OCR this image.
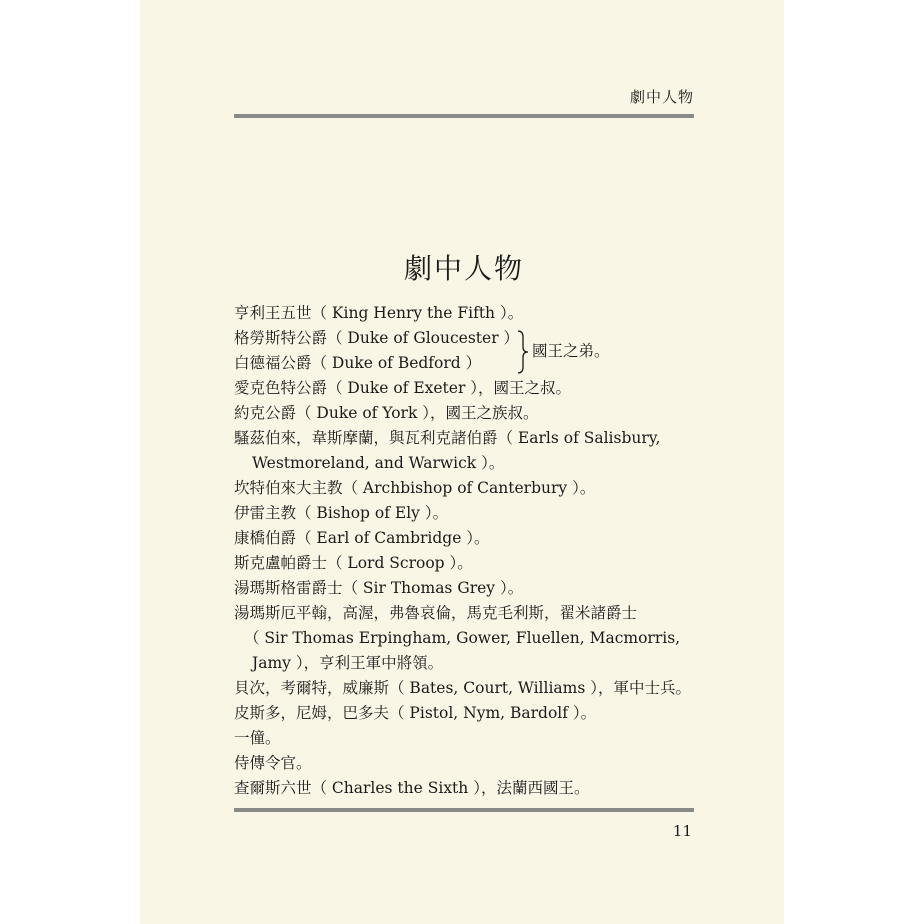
劇中人物
劇中人物
亨利王五世（ King Henry the Fifth ）。
格勞斯特公爵（ Duke of Gloucester ）
白德福公爵（ Duke of Bedford ）
愛克色特公爵（ Duke of Exeter ），國王之叔。
約克公爵（ Duke of York ），國王之族叔。
騷茲伯來，韋斯摩蘭，與瓦利克諸伯爵（ Earls of Salisbury,
Westmoreland, and Warwick ）。
坎特伯來大主教（ Archbishop of Canterbury ）。
伊雷主教（ Bishop of Ely ）。
康橋伯爵（ Earl of Cambridge ）。
斯克盧帕爵士（ Lord Scroop ）。
湯瑪斯格雷爵士（ Sir Thomas Grey ）。
湯瑪斯厄平翰，高渥，弗魯哀倫，馬克毛利斯，翟米諸爵士
（ Sir Thomas Erpingham, Gower, Fluellen, Macmorris,
Jamy ），亨利王軍中將領。
貝次，考爾特，威廉斯（ Bates, Court, Williams ），軍中士兵。
皮斯多，尼姆，巴多夫（ Pistol, Nym, Bardolf ）。
一僮。
侍傳令官。
查爾斯六世（ Charles the Sixth ），法蘭西國王。
國王之弟。
11
